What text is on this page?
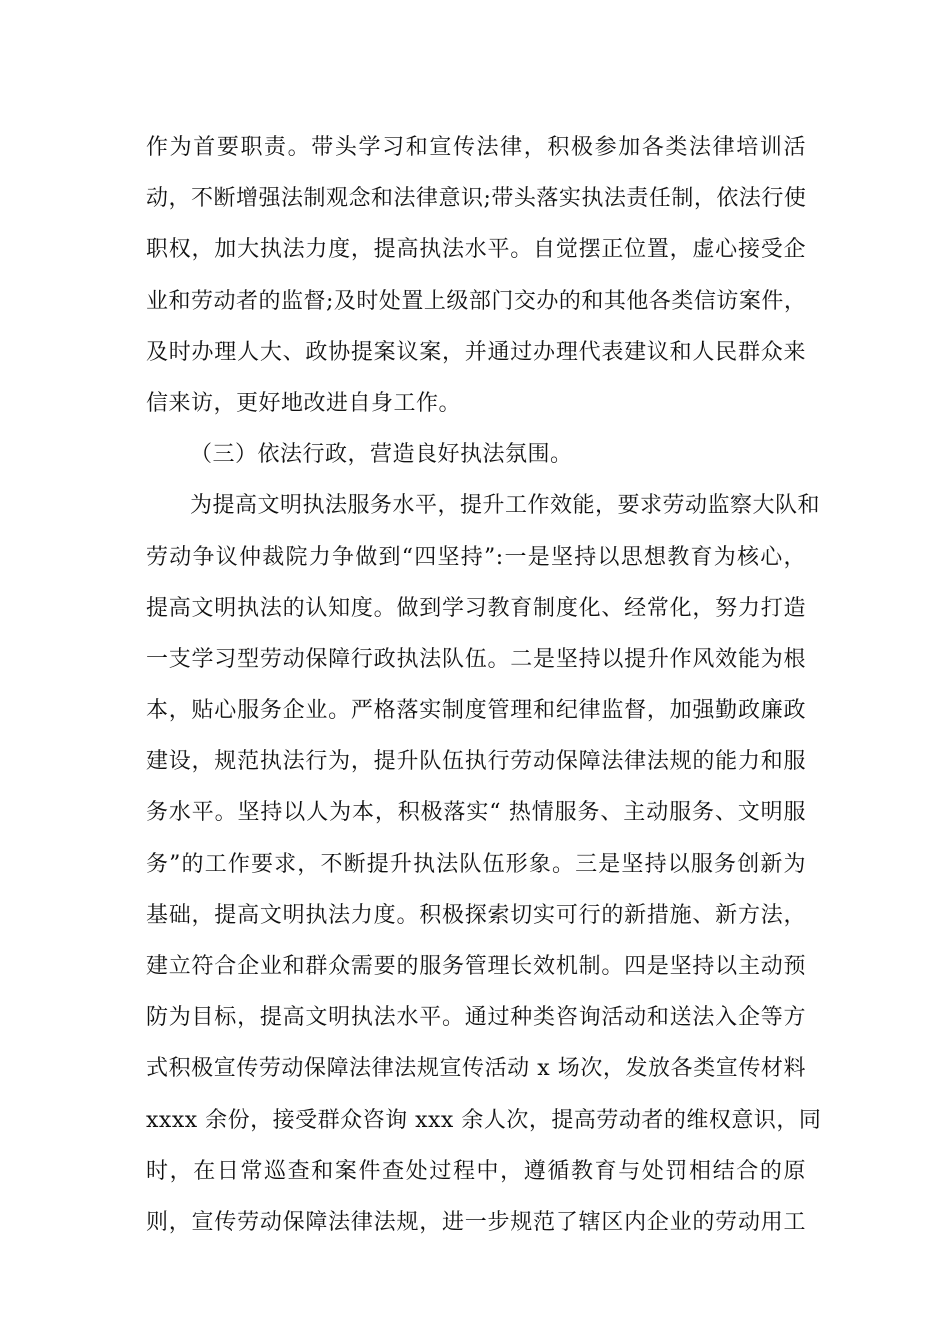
作为首要职责。带头学习和宣传法律，积极参加各类法律培训活
动，不断增强法制观念和法律意识;带头落实执法责任制，依法行使
职权，加大执法力度，提高执法水平。自觉摆正位置，虚心接受企
业和劳动者的监督;及时处置上级部门交办的和其他各类信访案件，
及时办理人大、政协提案议案，并通过办理代表建议和人民群众来
信来访，更好地改进自身工作。
（三）依法行政，营造良好执法氛围。
为提高文明执法服务水平，提升工作效能，要求劳动监察大队和
劳动争议仲裁院力争做到“四坚持”:一是坚持以思想教育为核心，
提高文明执法的认知度。做到学习教育制度化、经常化，努力打造
一支学习型劳动保障行政执法队伍。二是坚持以提升作风效能为根
本，贴心服务企业。严格落实制度管理和纪律监督，加强勤政廉政
建设，规范执法行为，提升队伍执行劳动保障法律法规的能力和服
务水平。坚持以人为本，积极落实“ 热情服务、主动服务、文明服
务”的工作要求，不断提升执法队伍形象。三是坚持以服务创新为
基础，提高文明执法力度。积极探索切实可行的新措施、新方法，
建立符合企业和群众需要的服务管理长效机制。四是坚持以主动预
防为目标，提高文明执法水平。通过种类咨询活动和送法入企等方
式积极宣传劳动保障法律法规宣传活动 x 场次，发放各类宣传材料
xxxx 余份，接受群众咨询 xxx 余人次，提高劳动者的维权意识，同
时，在日常巡查和案件查处过程中，遵循教育与处罚相结合的原
则，宣传劳动保障法律法规，进一步规范了辖区内企业的劳动用工
